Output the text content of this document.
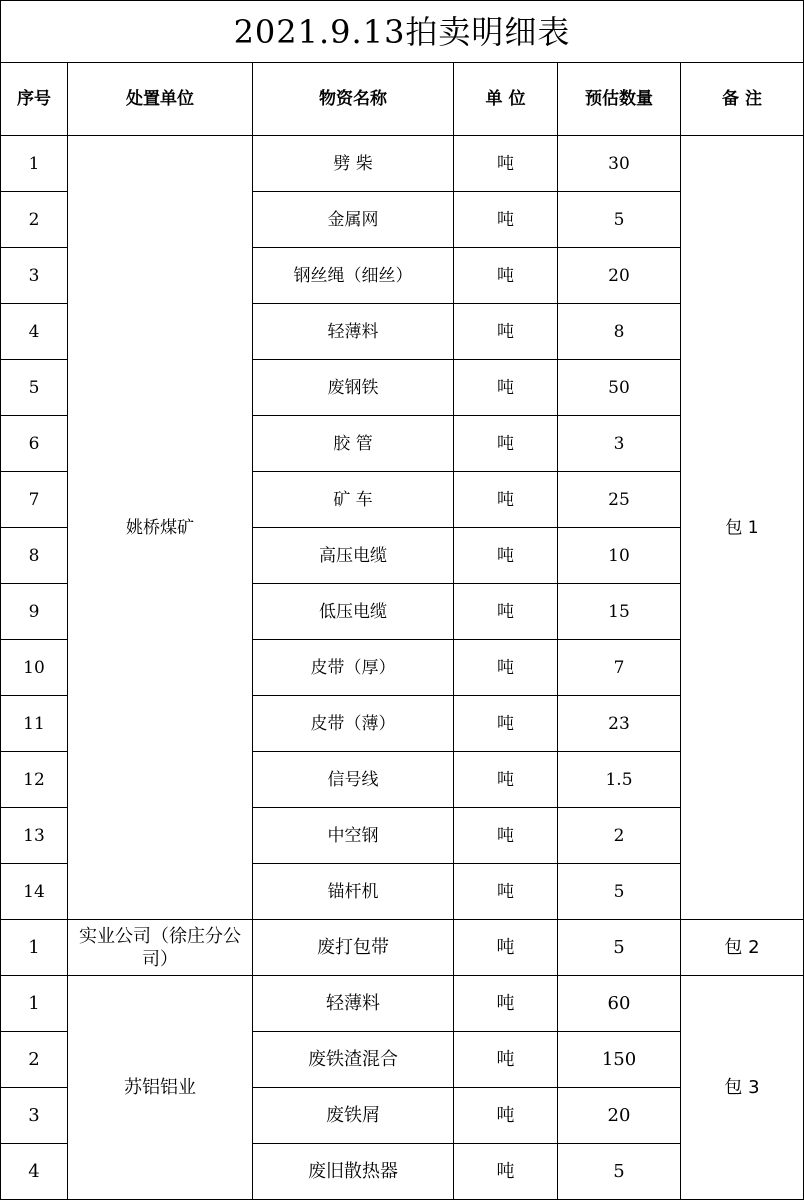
2021.9.13拍卖明细表					
序号	处置单位	物资名称	单 位	预估数量	备 注
1	姚桥煤矿	劈 柴	吨	30	包 1
2		金属网	吨	5	
3		钢丝绳（细丝）	吨	20	
4		轻薄料	吨	8	
5		废钢铁	吨	50	
6		胶 管	吨	3	
7		矿 车	吨	25	
8		高压电缆	吨	10	
9		低压电缆	吨	15	
10		皮带（厚）	吨	7	
11		皮带（薄）	吨	23	
12		信号线	吨	1.5	
13		中空钢	吨	2	
14		锚杆机	吨	5	
1	实业公司（徐庄分公司）	废打包带	吨	5	包 2
1	苏铝铝业	轻薄料	吨	60	包 3
2		废铁渣混合	吨	150	
3		废铁屑	吨	20	
4		废旧散热器	吨	5	
